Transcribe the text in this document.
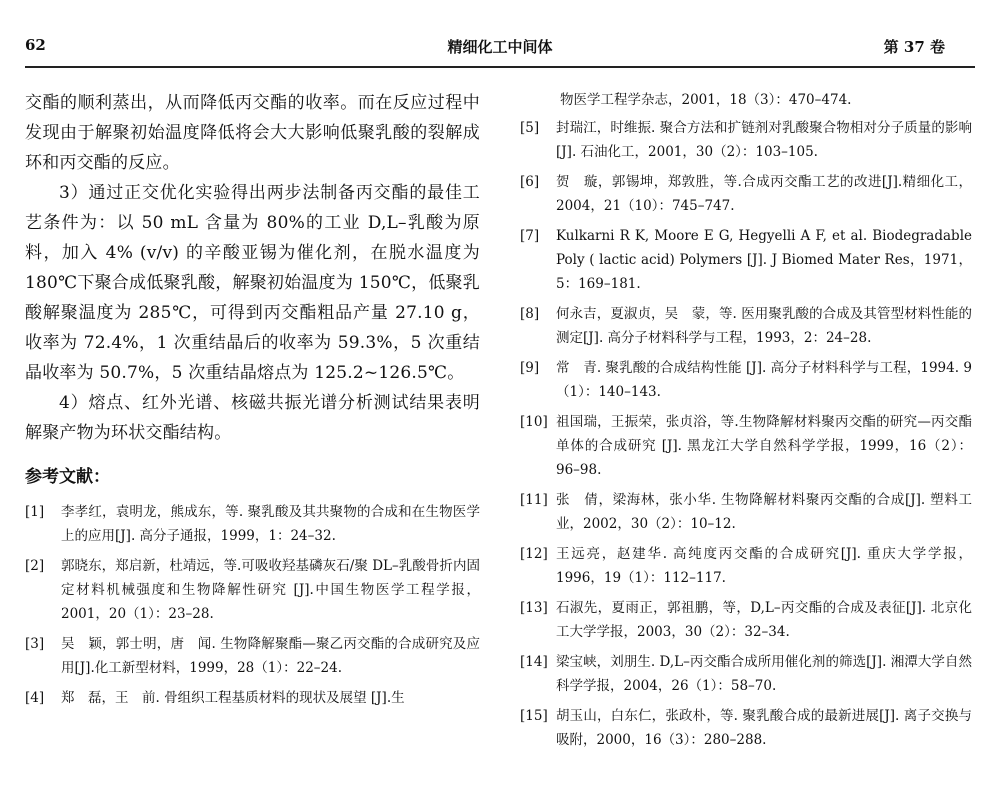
62	精细化工中间体	第 37 卷

交酯的顺利蒸出，从而降低丙交酯的收率。而在反应过程中发现由于解聚初始温度降低将会大大影响低聚乳酸的裂解成环和丙交酯的反应。

3）通过正交优化实验得出两步法制备丙交酯的最佳工艺条件为：以 50 mL 含量为 80%的工业 D,L–乳酸为原料，加入 4% (v/v) 的辛酸亚锡为催化剂，在脱水温度为 180℃下聚合成低聚乳酸，解聚初始温度为 150℃，低聚乳酸解聚温度为 285℃，可得到丙交酯粗品产量 27.10 g，收率为 72.4%，1 次重结晶后的收率为 59.3%，5 次重结晶收率为 50.7%，5 次重结晶熔点为 125.2~126.5℃。

4）熔点、红外光谱、核磁共振光谱分析测试结果表明解聚产物为环状交酯结构。

参考文献：
[1]	李孝红，袁明龙，熊成东，等. 聚乳酸及其共聚物的合成和在生物医学上的应用[J]. 高分子通报，1999，1：24–32.
[2]	郭晓东，郑启新，杜靖远，等.可吸收羟基磷灰石/聚 DL–乳酸骨折内固定材料机械强度和生物降解性研究 [J].中国生物医学工程学报，2001，20（1）：23–28.
[3]	吴　颖，郭士明，唐　闻. 生物降解聚酯—聚乙丙交酯的合成研究及应用[J].化工新型材料，1999，28（1）：22–24.
[4]	郑　磊，王　前. 骨组织工程基质材料的现状及展望 [J].生
物医学工程学杂志，2001，18（3）：470–474.
[5]	封瑞江，时维振. 聚合方法和扩链剂对乳酸聚合物相对分子质量的影响[J]. 石油化工，2001，30（2）：103–105.
[6]	贺　璇，郭锡坤，郑敦胜，等.合成丙交酯工艺的改进[J].精细化工，2004，21（10）：745–747.
[7]	Kulkarni R K, Moore E G, Hegyelli A F, et al. Biodegradable Poly ( lactic acid) Polymers [J]. J Biomed Mater Res，1971，5：169–181.
[8]	何永吉，夏淑贞，吴　蒙，等. 医用聚乳酸的合成及其管型材料性能的测定[J]. 高分子材料科学与工程，1993，2：24–28.
[9]	常　青. 聚乳酸的合成结构性能 [J]. 高分子材料科学与工程，1994. 9（1）：140–143.
[10] 祖国瑞，王振荣，张贞浴，等.生物降解材料聚丙交酯的研究—丙交酯单体的合成研究 [J]. 黑龙江大学自然科学学报，1999，16（2）：96–98.
[11] 张　倩，梁海林，张小华. 生物降解材料聚丙交酯的合成[J]. 塑料工业，2002，30（2）：10–12.
[12] 王远亮，赵建华. 高纯度丙交酯的合成研究[J]. 重庆大学学报，1996，19（1）：112–117.
[13] 石淑先，夏雨正，郭祖鹏，等，D,L–丙交酯的合成及表征[J]. 北京化工大学学报，2003，30（2）：32–34.
[14] 梁宝峡，刘朋生. D,L–丙交酯合成所用催化剂的筛选[J]. 湘潭大学自然科学学报，2004，26（1）：58–70.
[15] 胡玉山，白东仁，张政朴，等. 聚乳酸合成的最新进展[J]. 离子交换与吸附，2000，16（3）：280–288.
